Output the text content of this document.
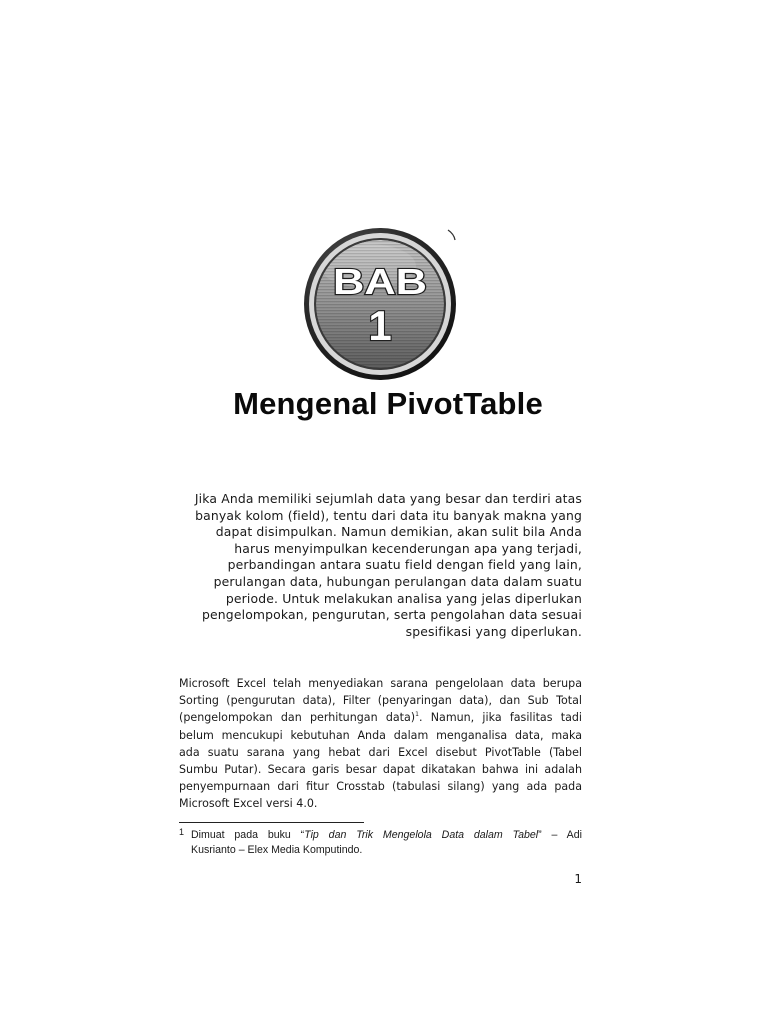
BAB
1
Mengenal PivotTable

Jika Anda memiliki sejumlah data yang besar dan terdiri atas
banyak kolom (field), tentu dari data itu banyak makna yang
dapat disimpulkan. Namun demikian, akan sulit bila Anda
harus menyimpulkan kecenderungan apa yang terjadi,
perbandingan antara suatu field dengan field yang lain,
perulangan data, hubungan perulangan data dalam suatu
periode. Untuk melakukan analisa yang jelas diperlukan
pengelompokan, pengurutan, serta pengolahan data sesuai
spesifikasi yang diperlukan.

Microsoft Excel telah menyediakan sarana pengelolaan data berupa
Sorting (pengurutan data), Filter (penyaringan data), dan Sub Total
(pengelompokan dan perhitungan data)$^1$. Namun, jika fasilitas tadi
belum mencukupi kebutuhan Anda dalam menganalisa data, maka
ada suatu sarana yang hebat dari Excel disebut PivotTable (Tabel
Sumbu Putar). Secara garis besar dapat dikatakan bahwa ini adalah
penyempurnaan dari fitur Crosstab (tabulasi silang) yang ada pada
Microsoft Excel versi 4.0.

1 Dimuat pada buku “Tip dan Trik Mengelola Data dalam Tabel” – Adi
Kusrianto – Elex Media Komputindo.
1
